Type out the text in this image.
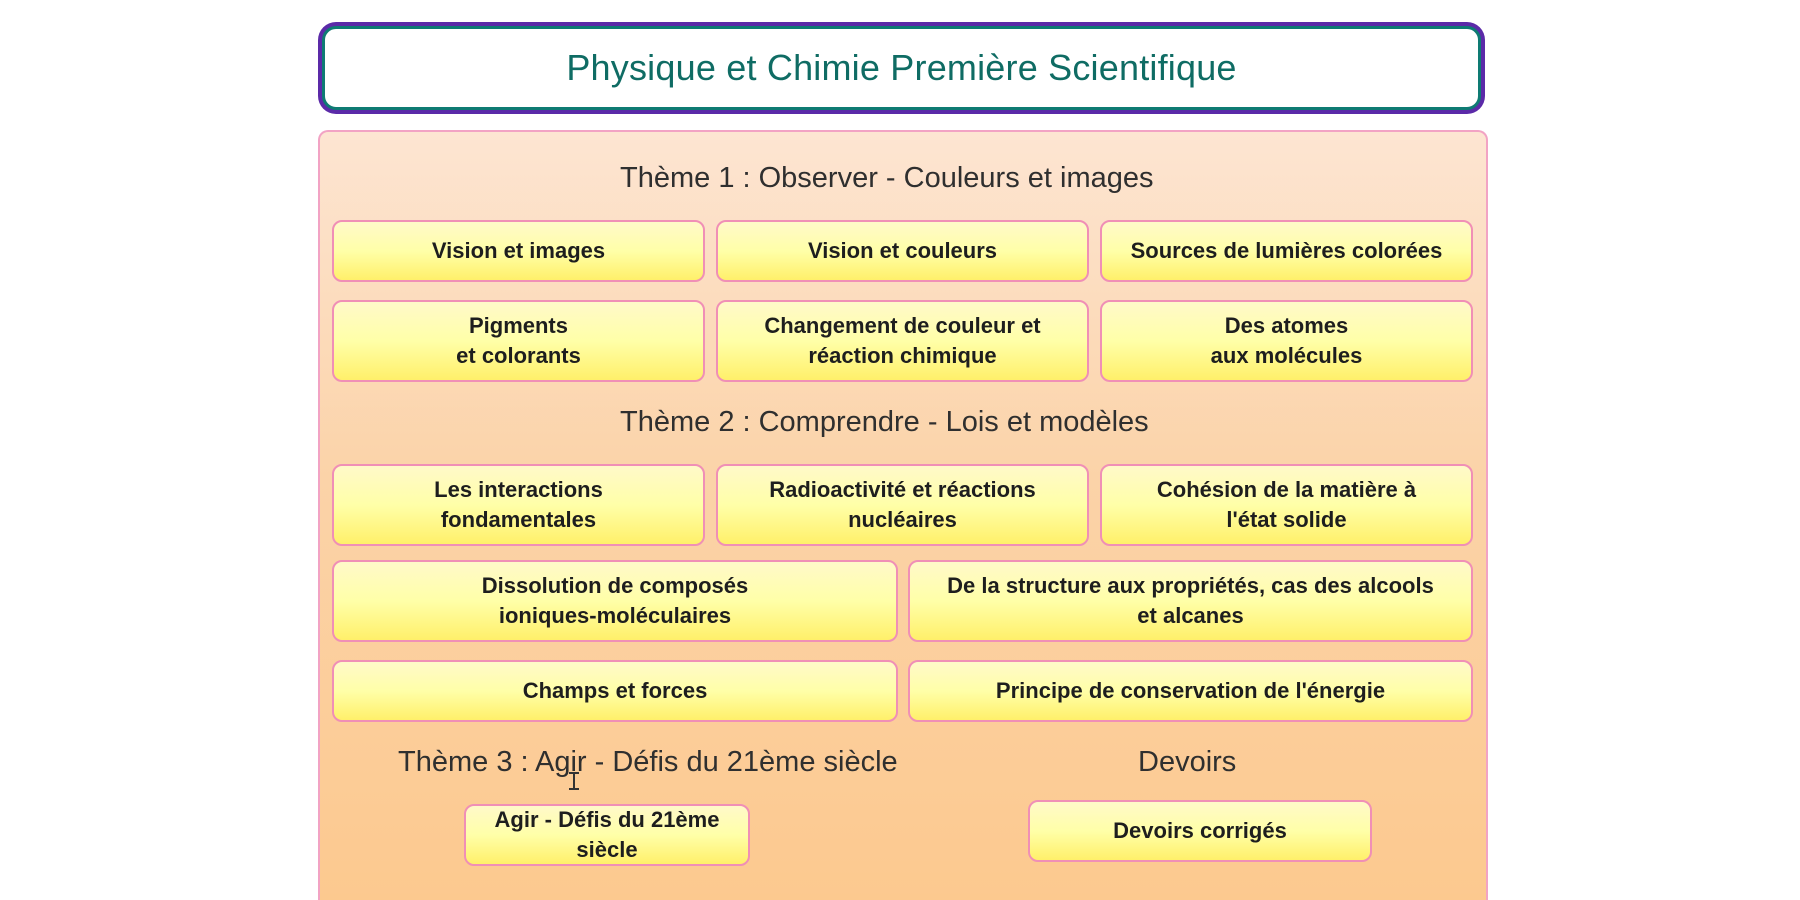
Physique et Chimie Première Scientifique
Thème 1 : Observer - Couleurs et images
Vision et images	Vision et couleurs	Sources de lumières colorées
Pigments
et colorants
Changement de couleur et
réaction chimique
Des atomes
aux molécules
Thème 2 : Comprendre - Lois et modèles
Les interactions
fondamentales
Radioactivité et réactions
nucléaires
Cohésion de la matière à
l'état solide
Dissolution de composés
ioniques-moléculaires
De la structure aux propriétés, cas des alcools
et alcanes
Champs et forces	Principe de conservation de l'énergie
Thème 3 : Agir - Défis du 21ème siècle	Devoirs
Agir - Défis du 21ème siècle
Devoirs corrigés
